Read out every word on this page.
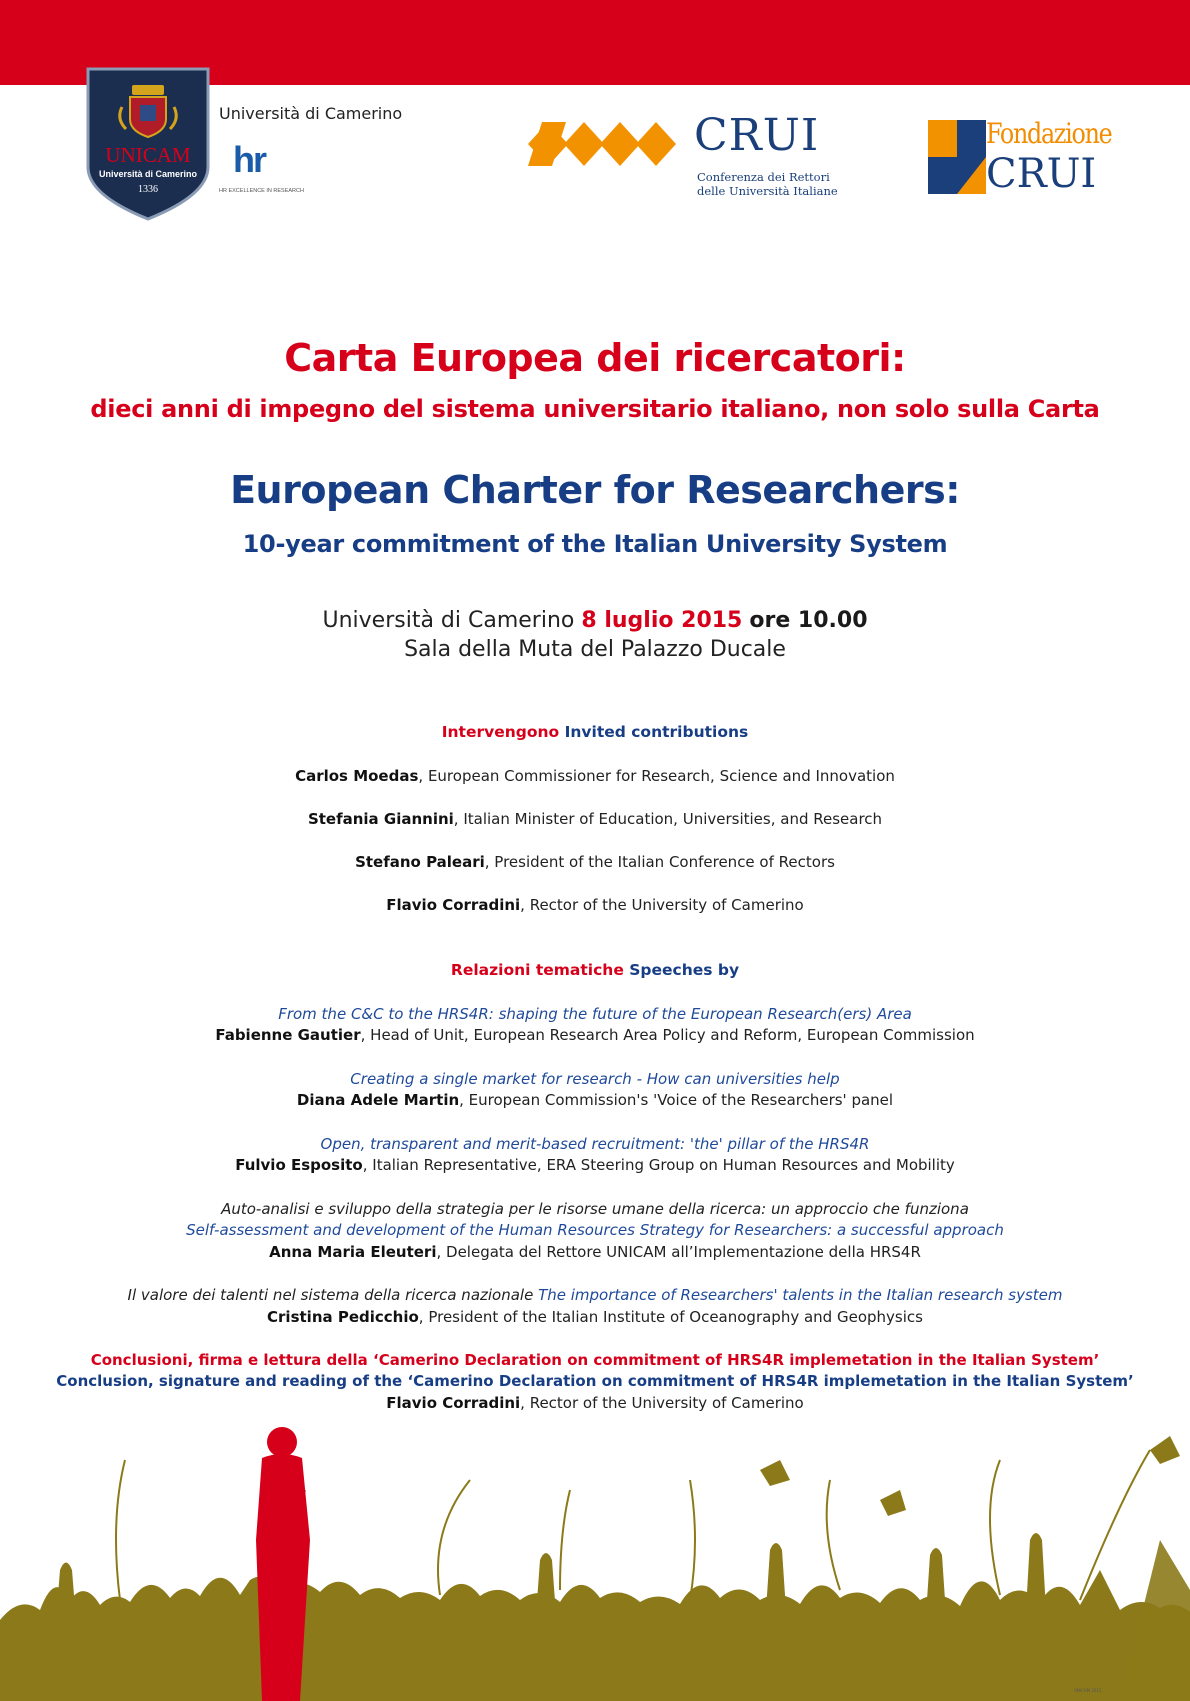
UNICAM
Università di Camerino
1336
Università di Camerino
hr
HR EXCELLENCE IN RESEARCH
CRUI
Conferenza dei Rettori
delle Università Italiane
Fondazione
CRUI
Carta Europea dei ricercatori:
dieci anni di impegno del sistema universitario italiano, non solo sulla Carta
European Charter for Researchers:
10-year commitment of the Italian University System
Università di Camerino 8 luglio 2015 ore 10.00
Sala della Muta del Palazzo Ducale
Intervengono Invited contributions
Carlos Moedas, European Commissioner for Research, Science and Innovation
Stefania Giannini, Italian Minister of Education, Universities, and Research
Stefano Paleari, President of the Italian Conference of Rectors
Flavio Corradini, Rector of the University of Camerino
Relazioni tematiche Speeches by
From the C&C to the HRS4R: shaping the future of the European Research(ers) Area
Fabienne Gautier, Head of Unit, European Research Area Policy and Reform, European Commission
Creating a single market for research - How can universities help
Diana Adele Martin, European Commission's 'Voice of the Researchers' panel
Open, transparent and merit-based recruitment: 'the' pillar of the HRS4R
Fulvio Esposito, Italian Representative, ERA Steering Group on Human Resources and Mobility
Auto-analisi e sviluppo della strategia per le risorse umane della ricerca: un approccio che funziona
Self-assessment and development of the Human Resources Strategy for Researchers: a successful approach
Anna Maria Eleuteri, Delegata del Rettore UNICAM all’Implementazione della HRS4R
Il valore dei talenti nel sistema della ricerca nazionale The importance of Researchers' talents in the Italian research system
Cristina Pedicchio, President of the Italian Institute of Oceanography and Geophysics
Conclusioni, firma e lettura della ‘Camerino Declaration on commitment of HRS4R implemetation in the Italian System’
Conclusion, signature and reading of the ‘Camerino Declaration on commitment of HRS4R implemetation in the Italian System’
Flavio Corradini, Rector of the University of Camerino
UNICAM 2015
